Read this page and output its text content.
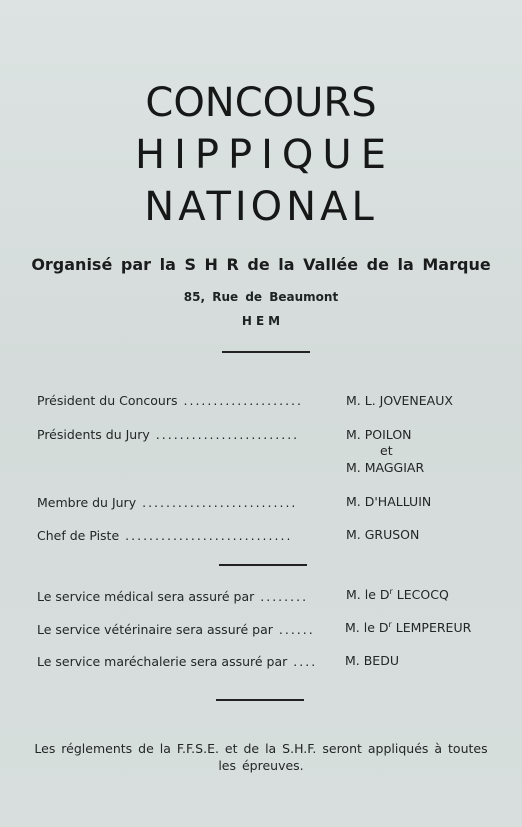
CONCOURS
HIPPIQUE
NATIONAL
Organisé par la S H R de la Vallée de la Marque
85, Rue de Beaumont
HEM
Président du Concours ....................	M. L. JOVENEAUX
Présidents du Jury ........................	M. POILON
et
M. MAGGIAR
Membre du Jury ..........................	M. D'HALLUIN
Chef de Piste ............................	M. GRUSON
Le service médical sera assuré par ........	M. le $D^r$ LECOCQ
Le service vétérinaire sera assuré par ...... M. le $D^r$ LEMPEREUR
Le service maréchalerie sera assuré par .... M. BEDU
Les réglements de la F.F.S.E. et de la S.H.F. seront appliqués à toutes
les épreuves.
